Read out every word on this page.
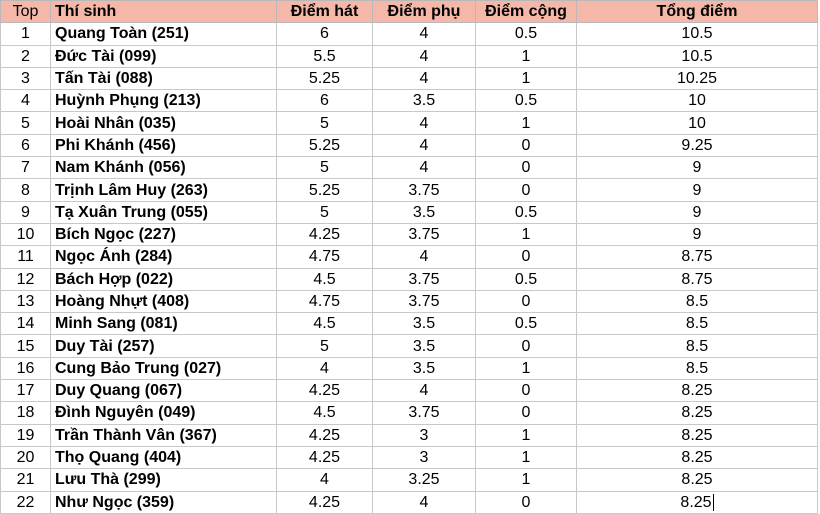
Top	Thí sinh	Điểm hát	Điểm phụ	Điểm cộng	Tổng điểm
1	Quang Toàn (251)	6	4	0.5	10.5
2	Đức Tài (099)	5.5	4	1	10.5
3	Tấn Tài (088)	5.25	4	1	10.25
4	Huỳnh Phụng (213)	6	3.5	0.5	10
5	Hoài Nhân (035)	5	4	1	10
6	Phi Khánh (456)	5.25	4	0	9.25
7	Nam Khánh (056)	5	4	0	9
8	Trịnh Lâm Huy (263)	5.25	3.75	0	9
9	Tạ Xuân Trung (055)	5	3.5	0.5	9
10	Bích Ngọc (227)	4.25	3.75	1	9
11	Ngọc Ánh (284)	4.75	4	0	8.75
12	Bách Hợp (022)	4.5	3.75	0.5	8.75
13	Hoàng Nhựt (408)	4.75	3.75	0	8.5
14	Minh Sang (081)	4.5	3.5	0.5	8.5
15	Duy Tài (257)	5	3.5	0	8.5
16	Cung Bảo Trung (027)	4	3.5	1	8.5
17	Duy Quang (067)	4.25	4	0	8.25
18	Đình Nguyên (049)	4.5	3.75	0	8.25
19	Trần Thành Vân (367)	4.25	3	1	8.25
20	Thọ Quang (404)	4.25	3	1	8.25
21	Lưu Thà (299)	4	3.25	1	8.25
22	Như Ngọc (359)	4.25	4	0	8.25
